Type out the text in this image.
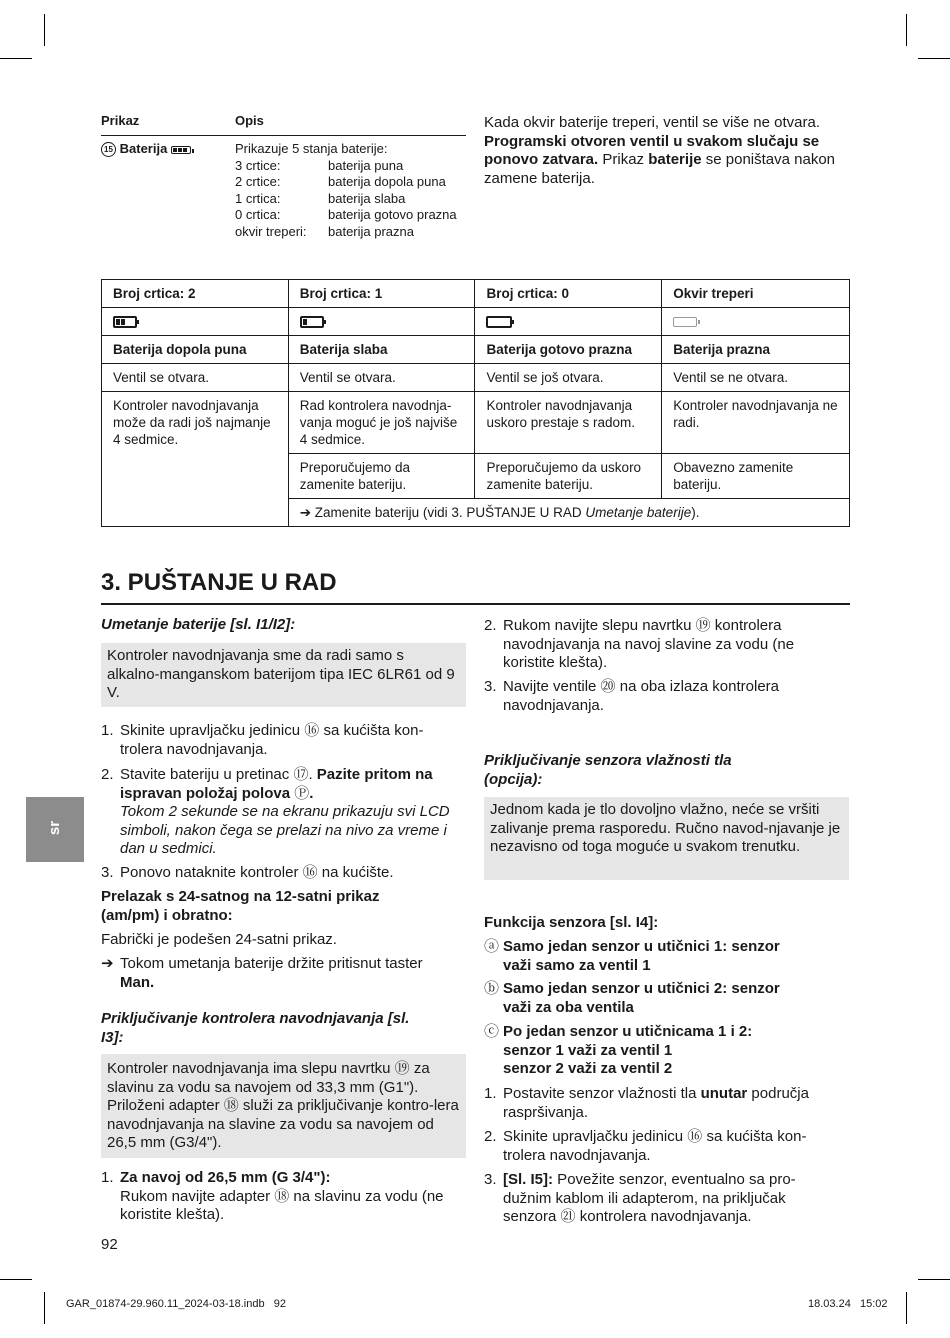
Prikaz	Opis
15 Baterija	Prikazuje 5 stanja baterije:
3 crtice:	baterija puna
2 crtice:	baterija dopola puna
1 crtica:	baterija slaba
0 crtica:	baterija gotovo prazna
okvir treperi: baterija prazna
Kada okvir baterije treperi, ventil se više ne otvara. Programski otvoren ventil u svakom slučaju se ponovo zatvara. Prikaz baterije se poništava nakon zamene baterija.
Broj crtica: 2	Broj crtica: 1	Broj crtica: 0	Okvir treperi

Baterija dopola puna	Baterija slaba	Baterija gotovo prazna	Baterija prazna
Ventil se otvara.	Ventil se otvara.	Ventil se još otvara.	Ventil se ne otvara.
Kontroler navodnjavanja može da radi još najmanje 4 sedmice.	Rad kontrolera navodnja-vanja moguć je još najviše 4 sedmice.	Kontroler navodnjavanja uskoro prestaje s radom.	Kontroler navodnjavanja ne radi.
	Preporučujemo da zamenite bateriju.	Preporučujemo da uskoro zamenite bateriju.	Obavezno zamenite bateriju.
	➔ Zamenite bateriju (vidi 3. PUŠTANJE U RAD Umetanje baterije).		
3. PUŠTANJE U RAD
Umetanje baterije [sl. I1/I2]:
Kontroler navodnjavanja sme da radi samo s alkalno-manganskom baterijom tipa IEC 6LR61 od 9 V.
1. Skinite upravljačku jedinicu ⑯ sa kućišta kon-trolera navodnjavanja.
2. Stavite bateriju u pretinac ⑰. Pazite pritom na ispravan položaj polova Ⓟ.
Tokom 2 sekunde se na ekranu prikazuju svi LCD simboli, nakon čega se prelazi na nivo za vreme i dan u sedmici.
3. Ponovo nataknite kontroler ⑯ na kućište.
Prelazak s 24-satnog na 12-satni prikaz (am/pm) i obratno:
Fabrički je podešen 24-satni prikaz.
➔ Tokom umetanja baterije držite pritisnut taster Man.
Priključivanje kontrolera navodnjavanja [sl. I3]:
Kontroler navodnjavanja ima slepu navrtku ⑲ za slavinu za vodu sa navojem od 33,3 mm (G1"). Priloženi adapter ⑱ služi za priključivanje kontro-lera navodnjavanja na slavine za vodu sa navojem od 26,5 mm (G3/4").
1. Za navoj od 26,5 mm (G 3/4"):
Rukom navijte adapter ⑱ na slavinu za vodu (ne koristite klešta).
2. Rukom navijte slepu navrtku ⑲ kontrolera navodnjavanja na navoj slavine za vodu (ne koristite klešta).
3. Navijte ventile ⑳ na oba izlaza kontrolera navodnjavanja.
Priključivanje senzora vlažnosti tla (opcija):
Jednom kada je tlo dovoljno vlažno, neće se vršiti zalivanje prema rasporedu. Ručno navod-njavanje je nezavisno od toga moguće u svakom trenutku.
Funkcija senzora [sl. I4]:
ⓐ Samo jedan senzor u utičnici 1: senzor važi samo za ventil 1
ⓑ Samo jedan senzor u utičnici 2: senzor važi za oba ventila
ⓒ Po jedan senzor u utičnicama 1 i 2:
senzor 1 važi za ventil 1
senzor 2 važi za ventil 2
1. Postavite senzor vlažnosti tla unutar područja raspršivanja.
2. Skinite upravljačku jedinicu ⑯ sa kućišta kon-trolera navodnjavanja.
3. [Sl. I5]: Povežite senzor, eventualno sa pro-dužnim kablom ili adapterom, na priključak senzora ㉑ kontrolera navodnjavanja.
sr
92
GAR_01874-29.960.11_2024-03-18.indb   92	18.03.24   15:02
